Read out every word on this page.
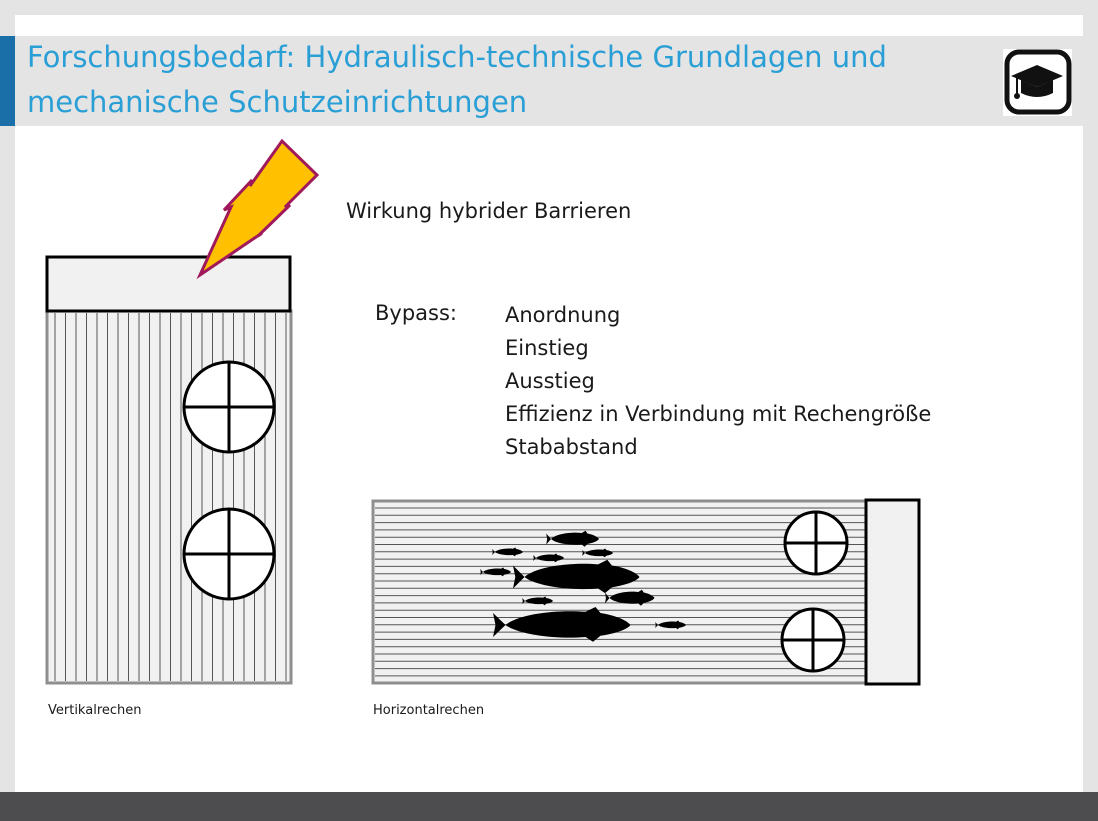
Forschungsbedarf: Hydraulisch-technische Grundlagen und
mechanische Schutzeinrichtungen
Wirkung hybrider Barrieren
Bypass: Anordnung
Einstieg
Ausstieg
Effizienz in Verbindung mit Rechengröße
Stababstand
Vertikalrechen	Horizontalrechen
